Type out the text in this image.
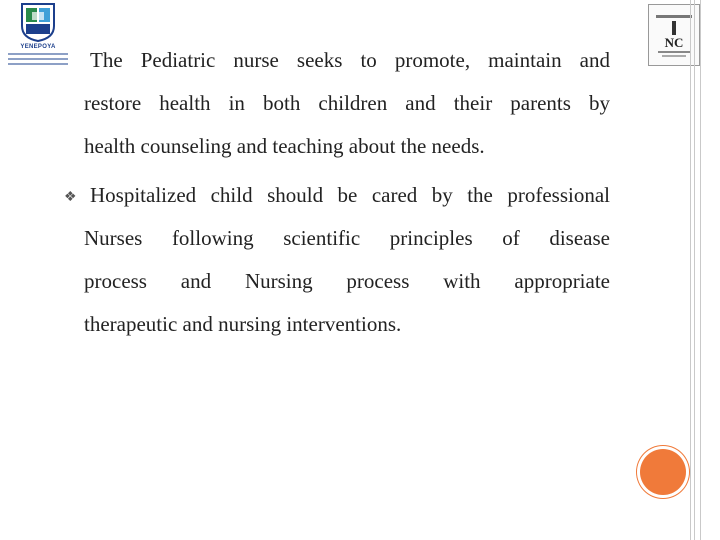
YENEPOYA	NC
The Pediatric nurse seeks to promote, maintain and
restore health in both children and their parents by
health counseling and teaching about the needs.
❖ Hospitalized child should be cared by the professional
Nurses following scientific principles of disease
process and Nursing process with appropriate
therapeutic and nursing interventions.
